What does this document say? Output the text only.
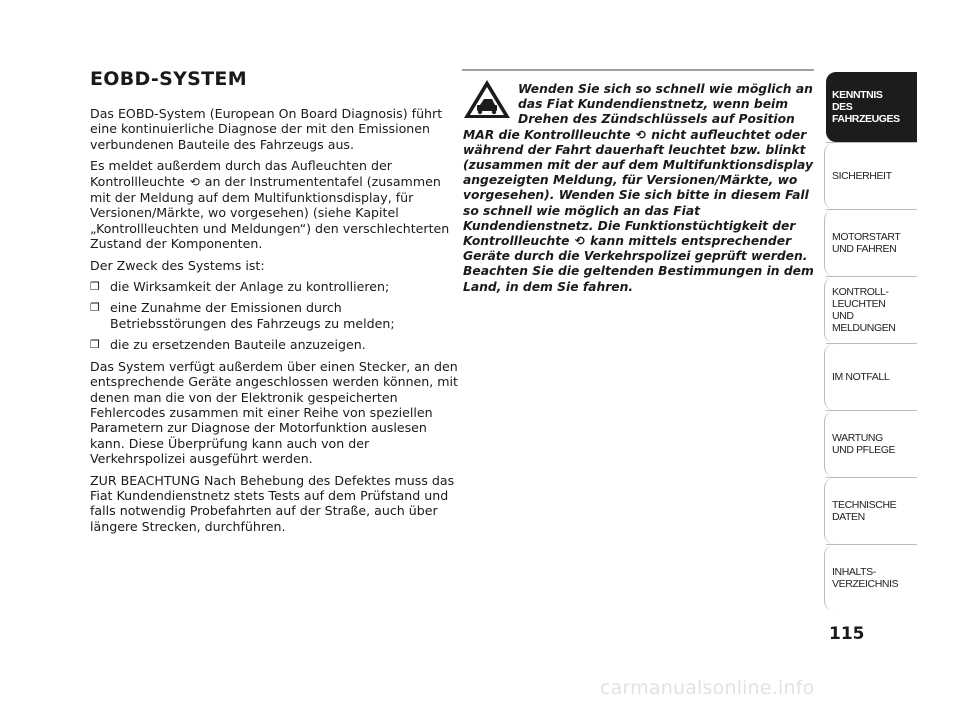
EOBD-SYSTEM

Das EOBD-System (European On Board Diagnosis) führt eine kontinuierliche Diagnose der mit den Emissionen verbundenen Bauteile des Fahrzeugs aus.

Es meldet außerdem durch das Aufleuchten der Kontrollleuchte ⟲ an der Instrumententafel (zusammen mit der Meldung auf dem Multifunktionsdisplay, für Versionen/Märkte, wo vorgesehen) (siehe Kapitel „Kontrollleuchten und Meldungen“) den verschlechterten Zustand der Komponenten.

Der Zweck des Systems ist:

❒ die Wirksamkeit der Anlage zu kontrollieren;
❒ eine Zunahme der Emissionen durch Betriebsstörungen des Fahrzeugs zu melden;
❒ die zu ersetzenden Bauteile anzuzeigen.

Das System verfügt außerdem über einen Stecker, an den entsprechende Geräte angeschlossen werden können, mit denen man die von der Elektronik gespeicherten Fehlercodes zusammen mit einer Reihe von speziellen Parametern zur Diagnose der Motorfunktion auslesen kann. Diese Überprüfung kann auch von der Verkehrspolizei ausgeführt werden.

ZUR BEACHTUNG Nach Behebung des Defektes muss das Fiat Kundendienstnetz stets Tests auf dem Prüfstand und falls notwendig Probefahrten auf der Straße, auch über längere Strecken, durchführen.

Wenden Sie sich so schnell wie möglich an das Fiat Kundendienstnetz, wenn beim Drehen des Zündschlüssels auf Position
MAR die Kontrollleuchte ⟲ nicht aufleuchtet oder während der Fahrt dauerhaft leuchtet bzw. blinkt (zusammen mit der auf dem Multifunktionsdisplay angezeigten Meldung, für Versionen/Märkte, wo vorgesehen). Wenden Sie sich bitte in diesem Fall so schnell wie möglich an das Fiat Kundendienstnetz. Die Funktionstüchtigkeit der Kontrollleuchte ⟲ kann mittels entsprechender Geräte durch die Verkehrspolizei geprüft werden. Beachten Sie die geltenden Bestimmungen in dem Land, in dem Sie fahren.
KENNTNIS
DES FAHRZEUGES
SICHERHEIT
MOTORSTART
UND FAHREN
KONTROLL-
LEUCHTEN
UND MELDUNGEN
IM NOTFALL
WARTUNG
UND PFLEGE
TECHNISCHE
DATEN
INHALTS-
VERZEICHNIS
115
carmanualsonline.info
